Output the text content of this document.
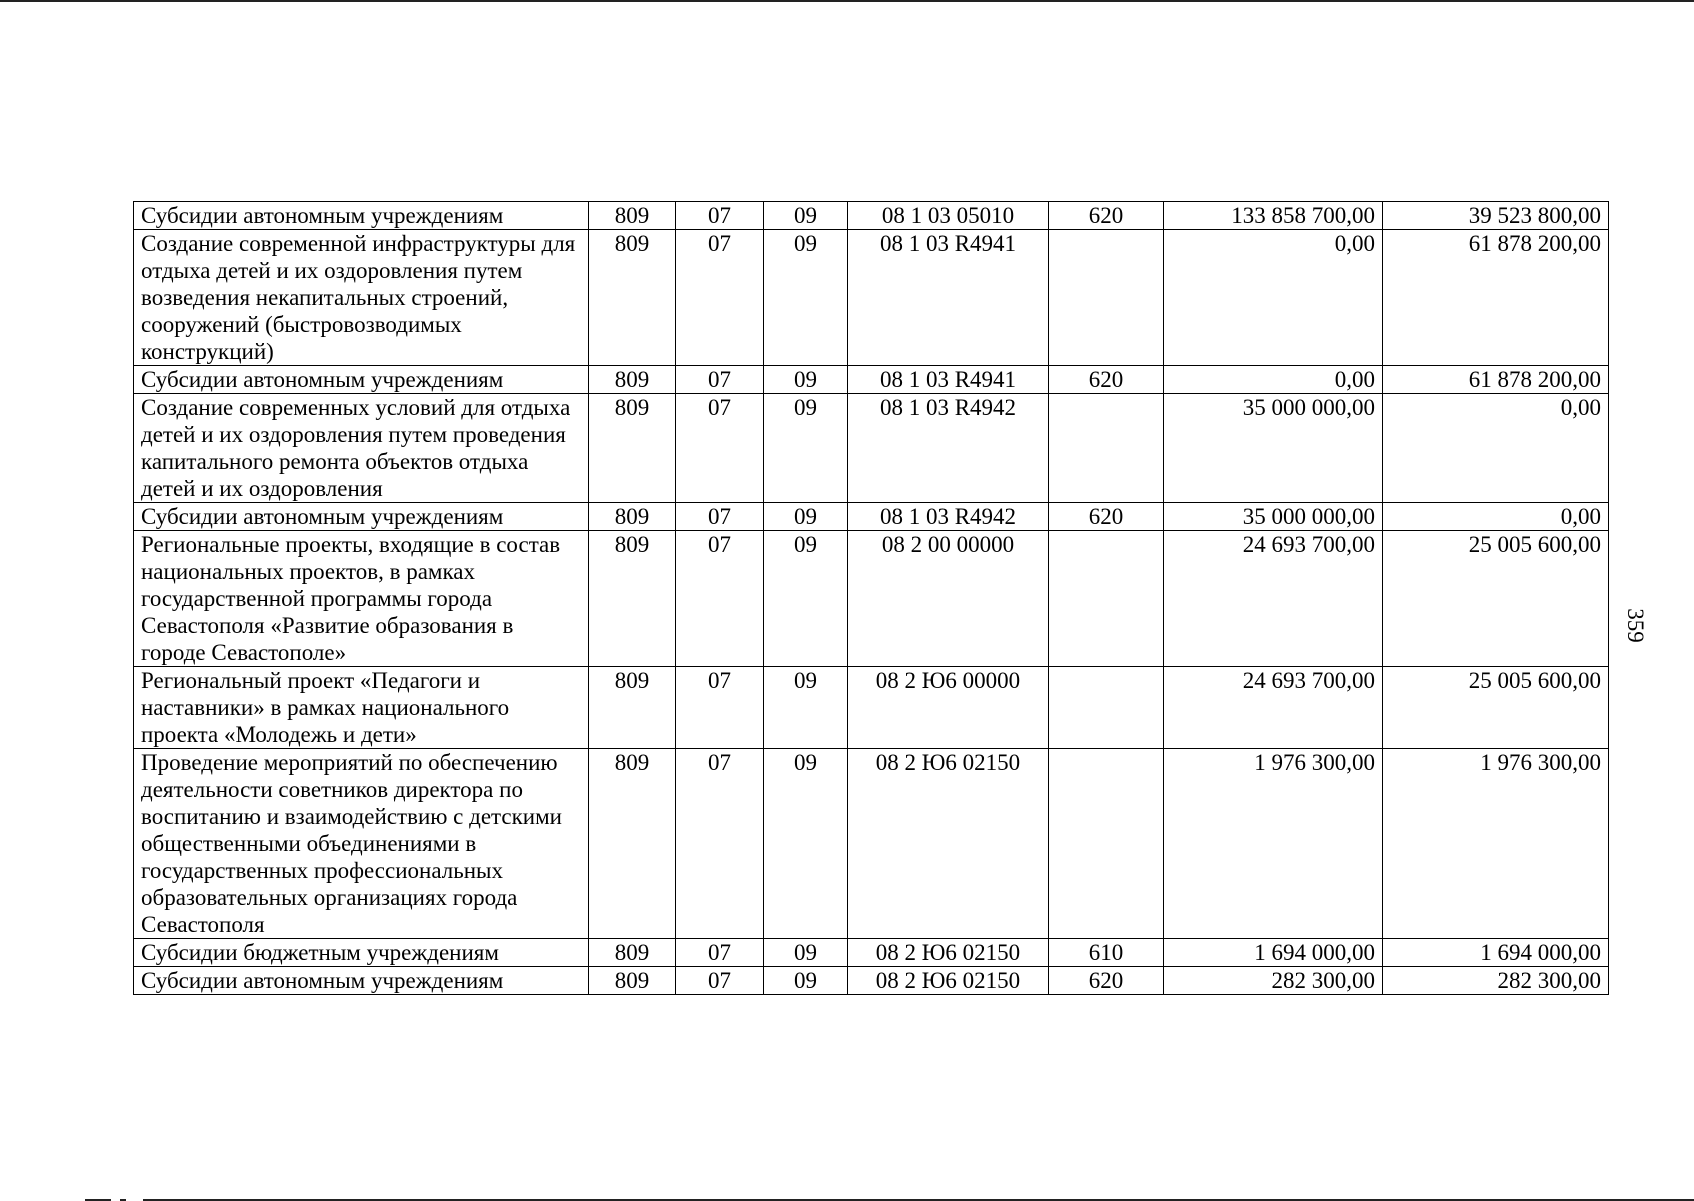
Субсидии автономным учреждениям	809	07	09	08 1 03 05010	620	133 858 700,00	39 523 800,00
Создание современной инфраструктуры для отдыха детей и их оздоровления путем возведения некапитальных строений, сооружений (быстровозводимых конструкций)	809	07	09	08 1 03 R4941		0,00	61 878 200,00
Субсидии автономным учреждениям	809	07	09	08 1 03 R4941	620	0,00	61 878 200,00
Создание современных условий для отдыха детей и их оздоровления путем проведения капитального ремонта объектов отдыха детей и их оздоровления	809	07	09	08 1 03 R4942		35 000 000,00	0,00
Субсидии автономным учреждениям	809	07	09	08 1 03 R4942	620	35 000 000,00	0,00
Региональные проекты, входящие в состав национальных проектов, в рамках государственной программы города Севастополя «Развитие образования в городе Севастополе»	809	07	09	08 2 00 00000		24 693 700,00	25 005 600,00
Региональный проект «Педагоги и наставники» в рамках национального проекта «Молодежь и дети»	809	07	09	08 2 Ю6 00000		24 693 700,00	25 005 600,00
Проведение мероприятий по обеспечению деятельности советников директора по воспитанию и взаимодействию с детскими общественными объединениями в государственных профессиональных образовательных организациях города Севастополя	809	07	09	08 2 Ю6 02150		1 976 300,00	1 976 300,00
Субсидии бюджетным учреждениям	809	07	09	08 2 Ю6 02150	610	1 694 000,00	1 694 000,00
Субсидии автономным учреждениям	809	07	09	08 2 Ю6 02150	620	282 300,00	282 300,00
359
